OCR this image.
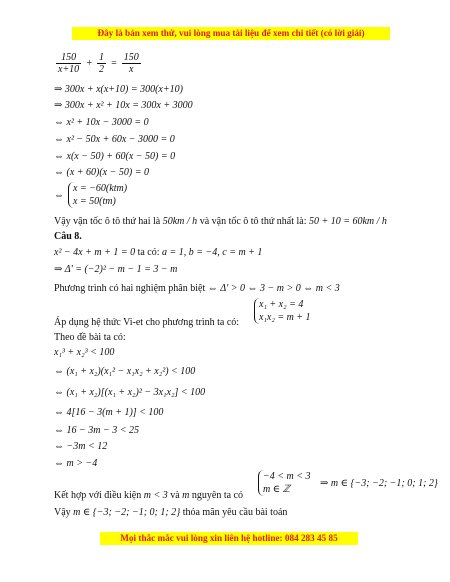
Đây là bản xem thử, vui lòng mua tài liệu để xem chi tiết (có lời giải)
$\frac{150}{x+10} + \frac{1}{2} = \frac{150}{x}$
⇒ 300x + x(x+10) = 300(x+10)
⇒ 300x + x² + 10x = 300x + 3000
⇔ x² + 10x − 3000 = 0
⇔ x² − 50x + 60x − 3000 = 0
⇔ x(x − 50) + 60(x − 50) = 0
⇔ (x + 60)(x − 50) = 0
⇔
x = −60(ktm)
x = 50(tm)
Vậy vận tốc ô tô thứ hai là 50km / h và vận tốc ô tô thứ nhất là: 50 + 10 = 60km / h
Câu 8.
x² − 4x + m + 1 = 0 ta có: a = 1, b = −4, c = m + 1
⇒ Δ' = (−2)² − m − 1 = 3 − m
Phương trình có hai nghiệm phân biệt ⇔ Δ' > 0 ⇔ 3 − m > 0 ⇔ m < 3
Áp dụng hệ thức Vi-et cho phương trình ta có:
x₁ + x₂ = 4
x₁x₂ = m + 1
Theo đề bài ta có:
x₁³ + x₂³ < 100
⇔ (x₁ + x₂)(x₁² − x₁x₂ + x₂²) < 100
⇔ (x₁ + x₂)[(x₁ + x₂)² − 3x₁x₂] < 100
⇔ 4[16 − 3(m + 1)] < 100
⇔ 16 − 3m − 3 < 25
⇔ −3m < 12
⇔ m > −4
Kết hợp với điều kiện m < 3 và m nguyên ta có
−4 < m < 3
m ∈ ℤ
⇒ m ∈ {−3; −2; −1; 0; 1; 2}
Vậy m ∈ {−3; −2; −1; 0; 1; 2} thỏa mãn yêu cầu bài toán
Mọi thắc mắc vui lòng xin liên hệ hotline: 084 283 45 85
